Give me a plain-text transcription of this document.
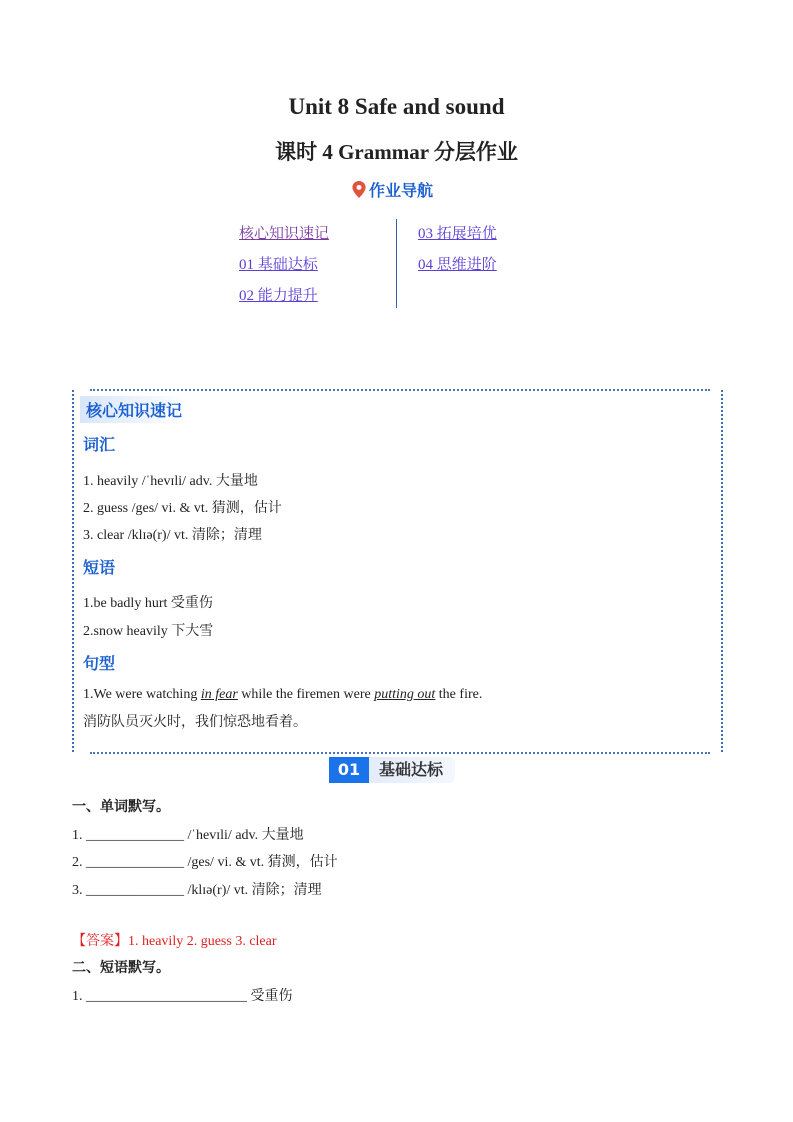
Unit 8 Safe and sound
课时 4 Grammar 分层作业
作业导航
核心知识速记
01 基础达标
02 能力提升
03 拓展培优
04 思维进阶
核心知识速记
词汇
1. heavily /ˈhevɪli/ adv. 大量地
2. guess /ges/ vi. & vt. 猜测，估计
3. clear /klɪə(r)/ vt. 清除；清理
短语
1.be badly hurt 受重伤
2.snow heavily 下大雪
句型
1.We were watching in fear while the firemen were putting out the fire.
消防队员灭火时，我们惊恐地看着。
01	基础达标
一、单词默写。
1. ______________ /ˈhevɪli/ adv. 大量地
2. ______________ /ges/ vi. & vt. 猜测，估计
3. ______________ /klɪə(r)/ vt. 清除；清理
【答案】1. heavily 2. guess 3. clear
二、短语默写。
1. _______________________ 受重伤
